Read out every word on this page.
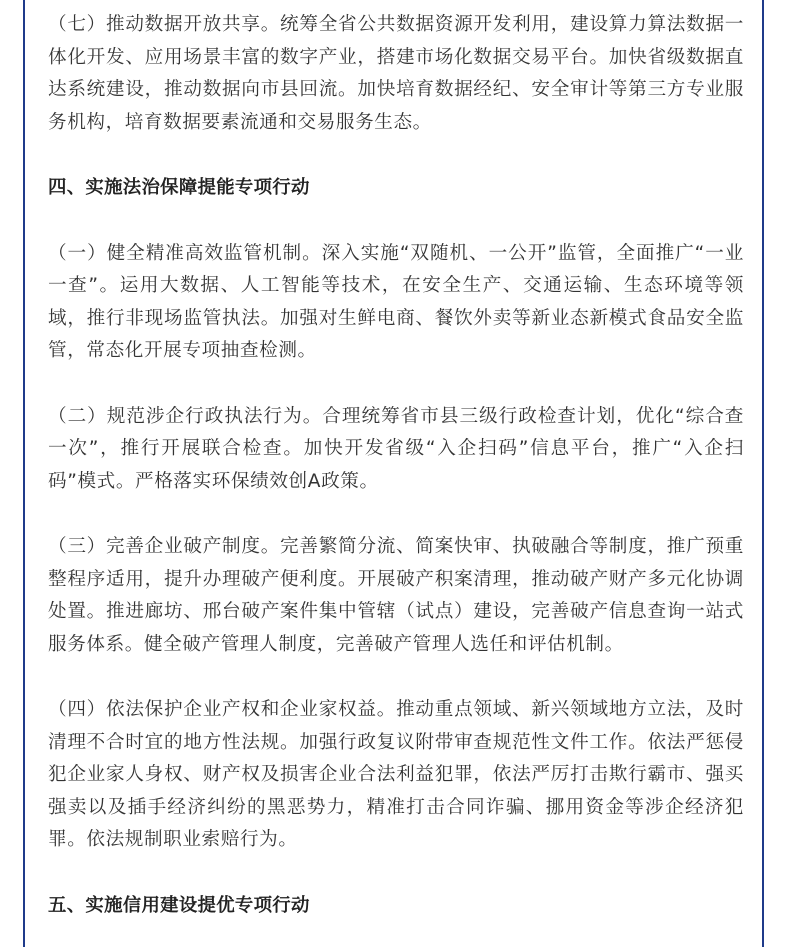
（七）推动数据开放共享。统筹全省公共数据资源开发利用，建设算力算法数据一体化开发、应用场景丰富的数字产业，搭建市场化数据交易平台。加快省级数据直达系统建设，推动数据向市县回流。加快培育数据经纪、安全审计等第三方专业服务机构，培育数据要素流通和交易服务生态。

四、实施法治保障提能专项行动

（一）健全精准高效监管机制。深入实施“双随机、一公开”监管，全面推广“一业一查”。运用大数据、人工智能等技术，在安全生产、交通运输、生态环境等领域，推行非现场监管执法。加强对生鲜电商、餐饮外卖等新业态新模式食品安全监管，常态化开展专项抽查检测。

（二）规范涉企行政执法行为。合理统筹省市县三级行政检查计划，优化“综合查一次”，推行开展联合检查。加快开发省级“入企扫码”信息平台，推广“入企扫码”模式。严格落实环保绩效创A政策。

（三）完善企业破产制度。完善繁简分流、简案快审、执破融合等制度，推广预重整程序适用，提升办理破产便利度。开展破产积案清理，推动破产财产多元化协调处置。推进廊坊、邢台破产案件集中管辖（试点）建设，完善破产信息查询一站式服务体系。健全破产管理人制度，完善破产管理人选任和评估机制。

（四）依法保护企业产权和企业家权益。推动重点领域、新兴领域地方立法，及时清理不合时宜的地方性法规。加强行政复议附带审查规范性文件工作。依法严惩侵犯企业家人身权、财产权及损害企业合法利益犯罪，依法严厉打击欺行霸市、强买强卖以及插手经济纠纷的黑恶势力，精准打击合同诈骗、挪用资金等涉企经济犯罪。依法规制职业索赔行为。

五、实施信用建设提优专项行动
